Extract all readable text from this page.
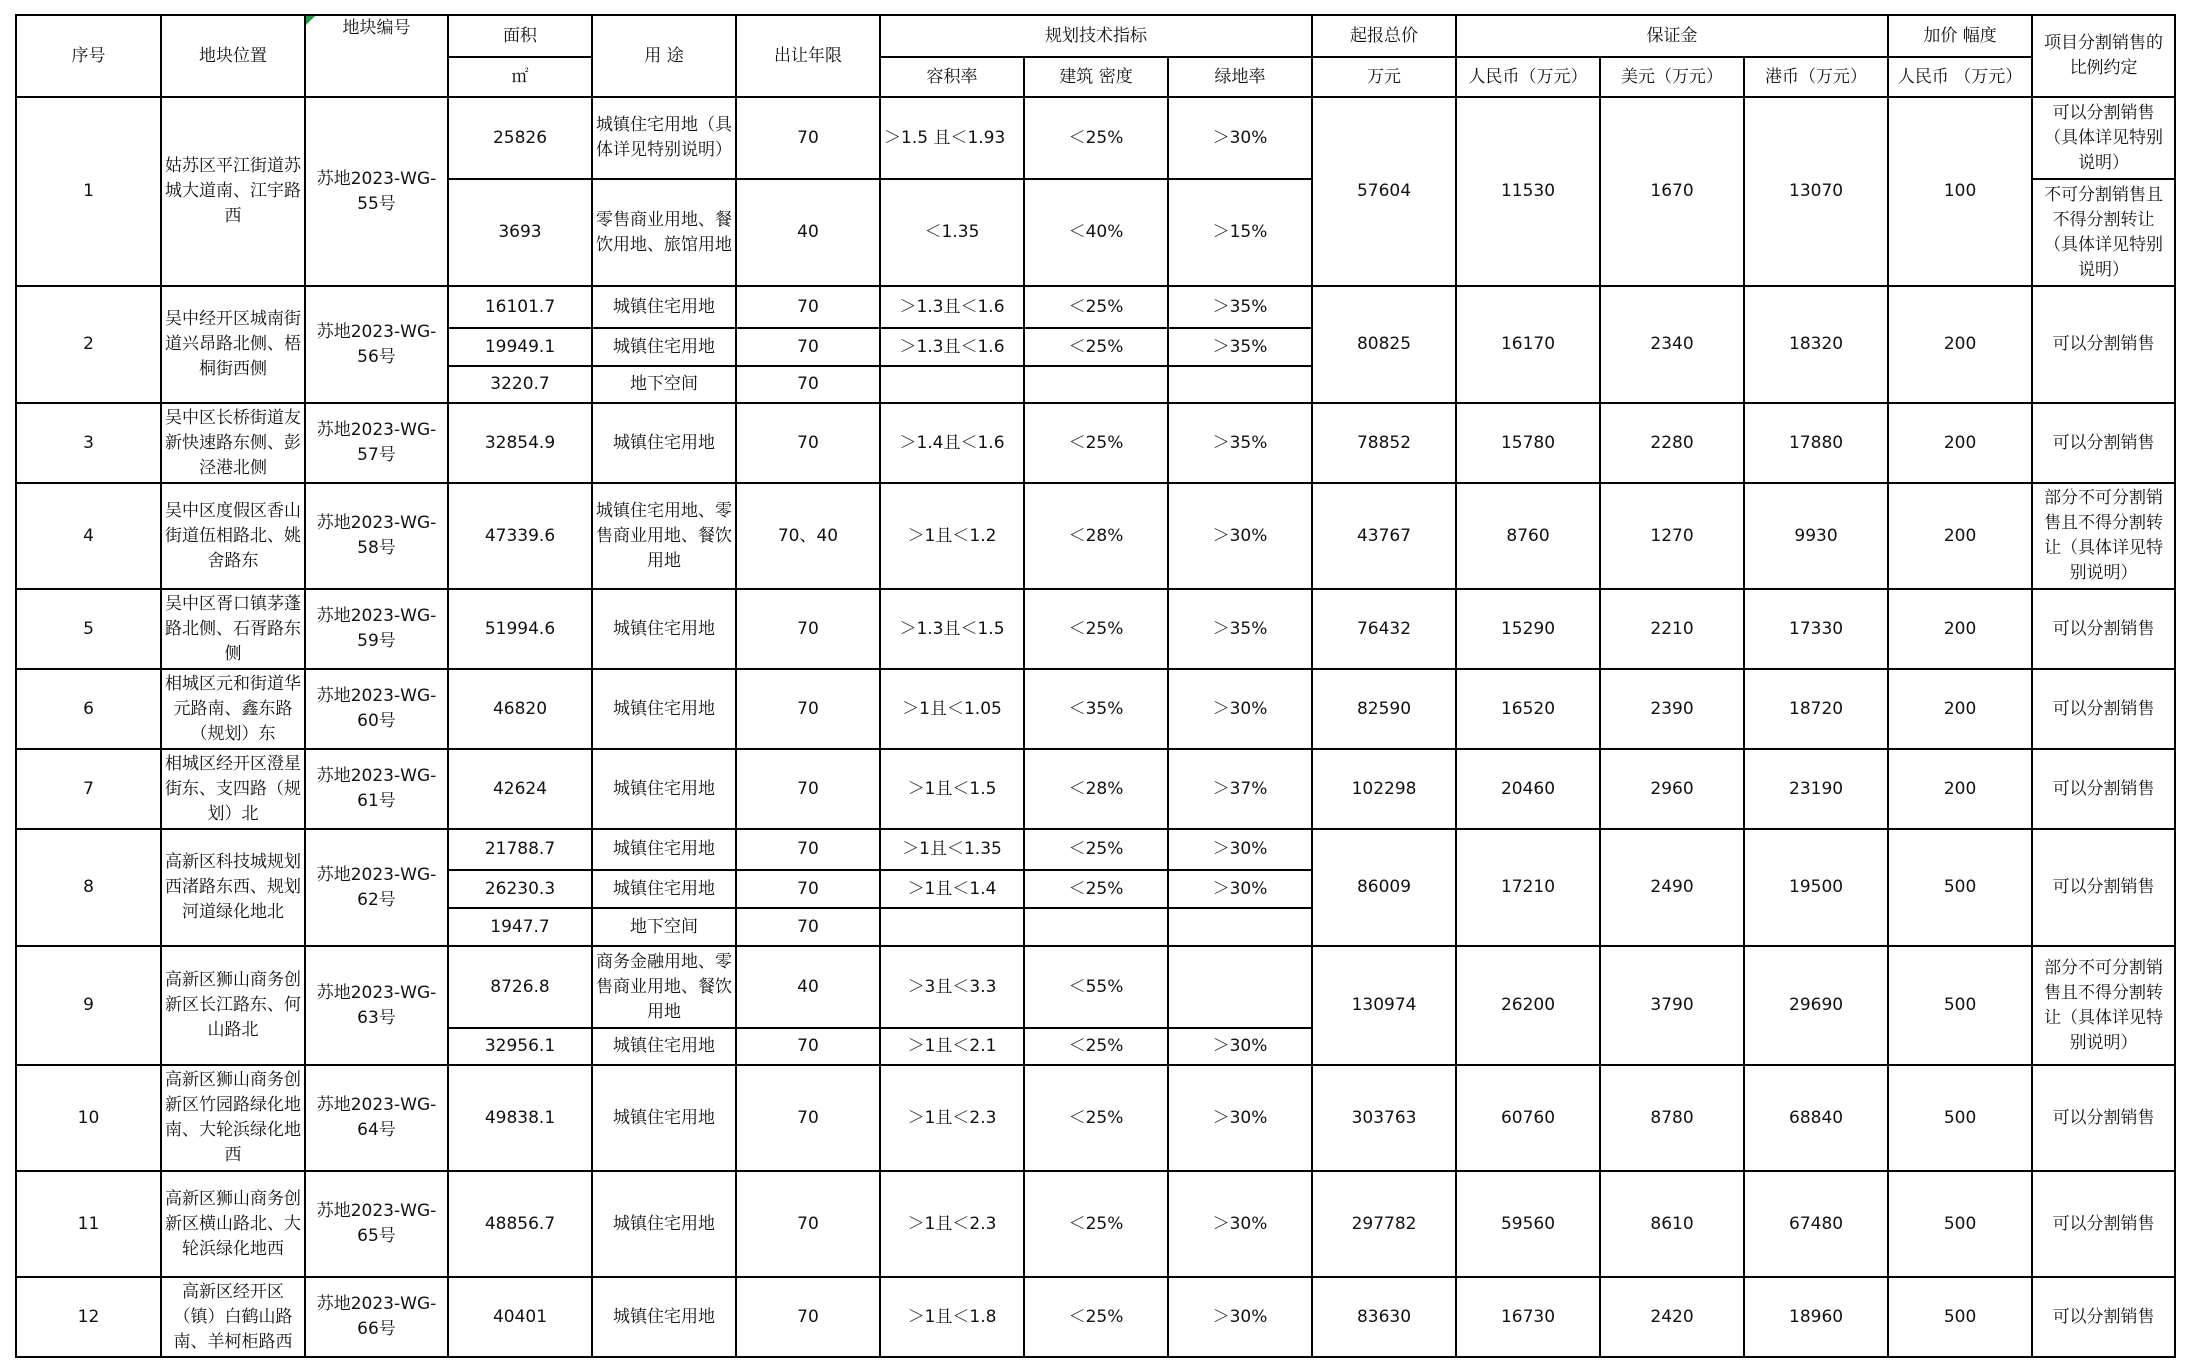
序号	地块位置	地块编号	面积	用 途	出让年限	规划技术指标			起报总价	保证金			加价 幅度	项目分割销售的比例约定
			㎡			容积率	建筑 密度	绿地率	万元	人民币（万元）	美元（万元）	港币（万元）	人民币 （万元）	
1	姑苏区平江街道苏城大道南、江宇路西	苏地2023-WG-55号	25826	城镇住宅用地（具体详见特别说明）	70	＞1.5 且＜1.93	＜25%	＞30%	57604	11530	1670	13070	100	可以分割销售（具体详见特别说明）
			3693	零售商业用地、餐饮用地、旅馆用地	40	＜1.35	＜40%	＞15%						不可分割销售且不得分割转让（具体详见特别说明）
2	吴中经开区城南街道兴昂路北侧、梧桐街西侧	苏地2023-WG-56号	16101.7	城镇住宅用地	70	＞1.3且＜1.6	＜25%	＞35%	80825	16170	2340	18320	200	可以分割销售
			19949.1	城镇住宅用地	70	＞1.3且＜1.6	＜25%	＞35%						
			3220.7	地下空间	70									
3	吴中区长桥街道友新快速路东侧、彭泾港北侧	苏地2023-WG-57号	32854.9	城镇住宅用地	70	＞1.4且＜1.6	＜25%	＞35%	78852	15780	2280	17880	200	可以分割销售
4	吴中区度假区香山街道伍相路北、姚舍路东	苏地2023-WG-58号	47339.6	城镇住宅用地、零售商业用地、餐饮用地	70、40	＞1且＜1.2	＜28%	＞30%	43767	8760	1270	9930	200	部分不可分割销售且不得分割转让（具体详见特别说明）
5	吴中区胥口镇茅蓬路北侧、石胥路东侧	苏地2023-WG-59号	51994.6	城镇住宅用地	70	＞1.3且＜1.5	＜25%	＞35%	76432	15290	2210	17330	200	可以分割销售
6	相城区元和街道华元路南、鑫东路（规划）东	苏地2023-WG-60号	46820	城镇住宅用地	70	＞1且＜1.05	＜35%	＞30%	82590	16520	2390	18720	200	可以分割销售
7	相城区经开区澄星街东、支四路（规划）北	苏地2023-WG-61号	42624	城镇住宅用地	70	＞1且＜1.5	＜28%	＞37%	102298	20460	2960	23190	200	可以分割销售
8	高新区科技城规划西渚路东西、规划河道绿化地北	苏地2023-WG-62号	21788.7	城镇住宅用地	70	＞1且＜1.35	＜25%	＞30%	86009	17210	2490	19500	500	可以分割销售
			26230.3	城镇住宅用地	70	＞1且＜1.4	＜25%	＞30%						
			1947.7	地下空间	70									
9	高新区狮山商务创新区长江路东、何山路北	苏地2023-WG-63号	8726.8	商务金融用地、零售商业用地、餐饮用地	40	＞3且＜3.3	＜55%		130974	26200	3790	29690	500	部分不可分割销售且不得分割转让（具体详见特别说明）
			32956.1	城镇住宅用地	70	＞1且＜2.1	＜25%	＞30%						
10	高新区狮山商务创新区竹园路绿化地南、大轮浜绿化地西	苏地2023-WG-64号	49838.1	城镇住宅用地	70	＞1且＜2.3	＜25%	＞30%	303763	60760	8780	68840	500	可以分割销售
11	高新区狮山商务创新区横山路北、大轮浜绿化地西	苏地2023-WG-65号	48856.7	城镇住宅用地	70	＞1且＜2.3	＜25%	＞30%	297782	59560	8610	67480	500	可以分割销售
12	高新区经开区（镇）白鹤山路南、羊柯柜路西	苏地2023-WG-66号	40401	城镇住宅用地	70	＞1且＜1.8	＜25%	＞30%	83630	16730	2420	18960	500	可以分割销售
